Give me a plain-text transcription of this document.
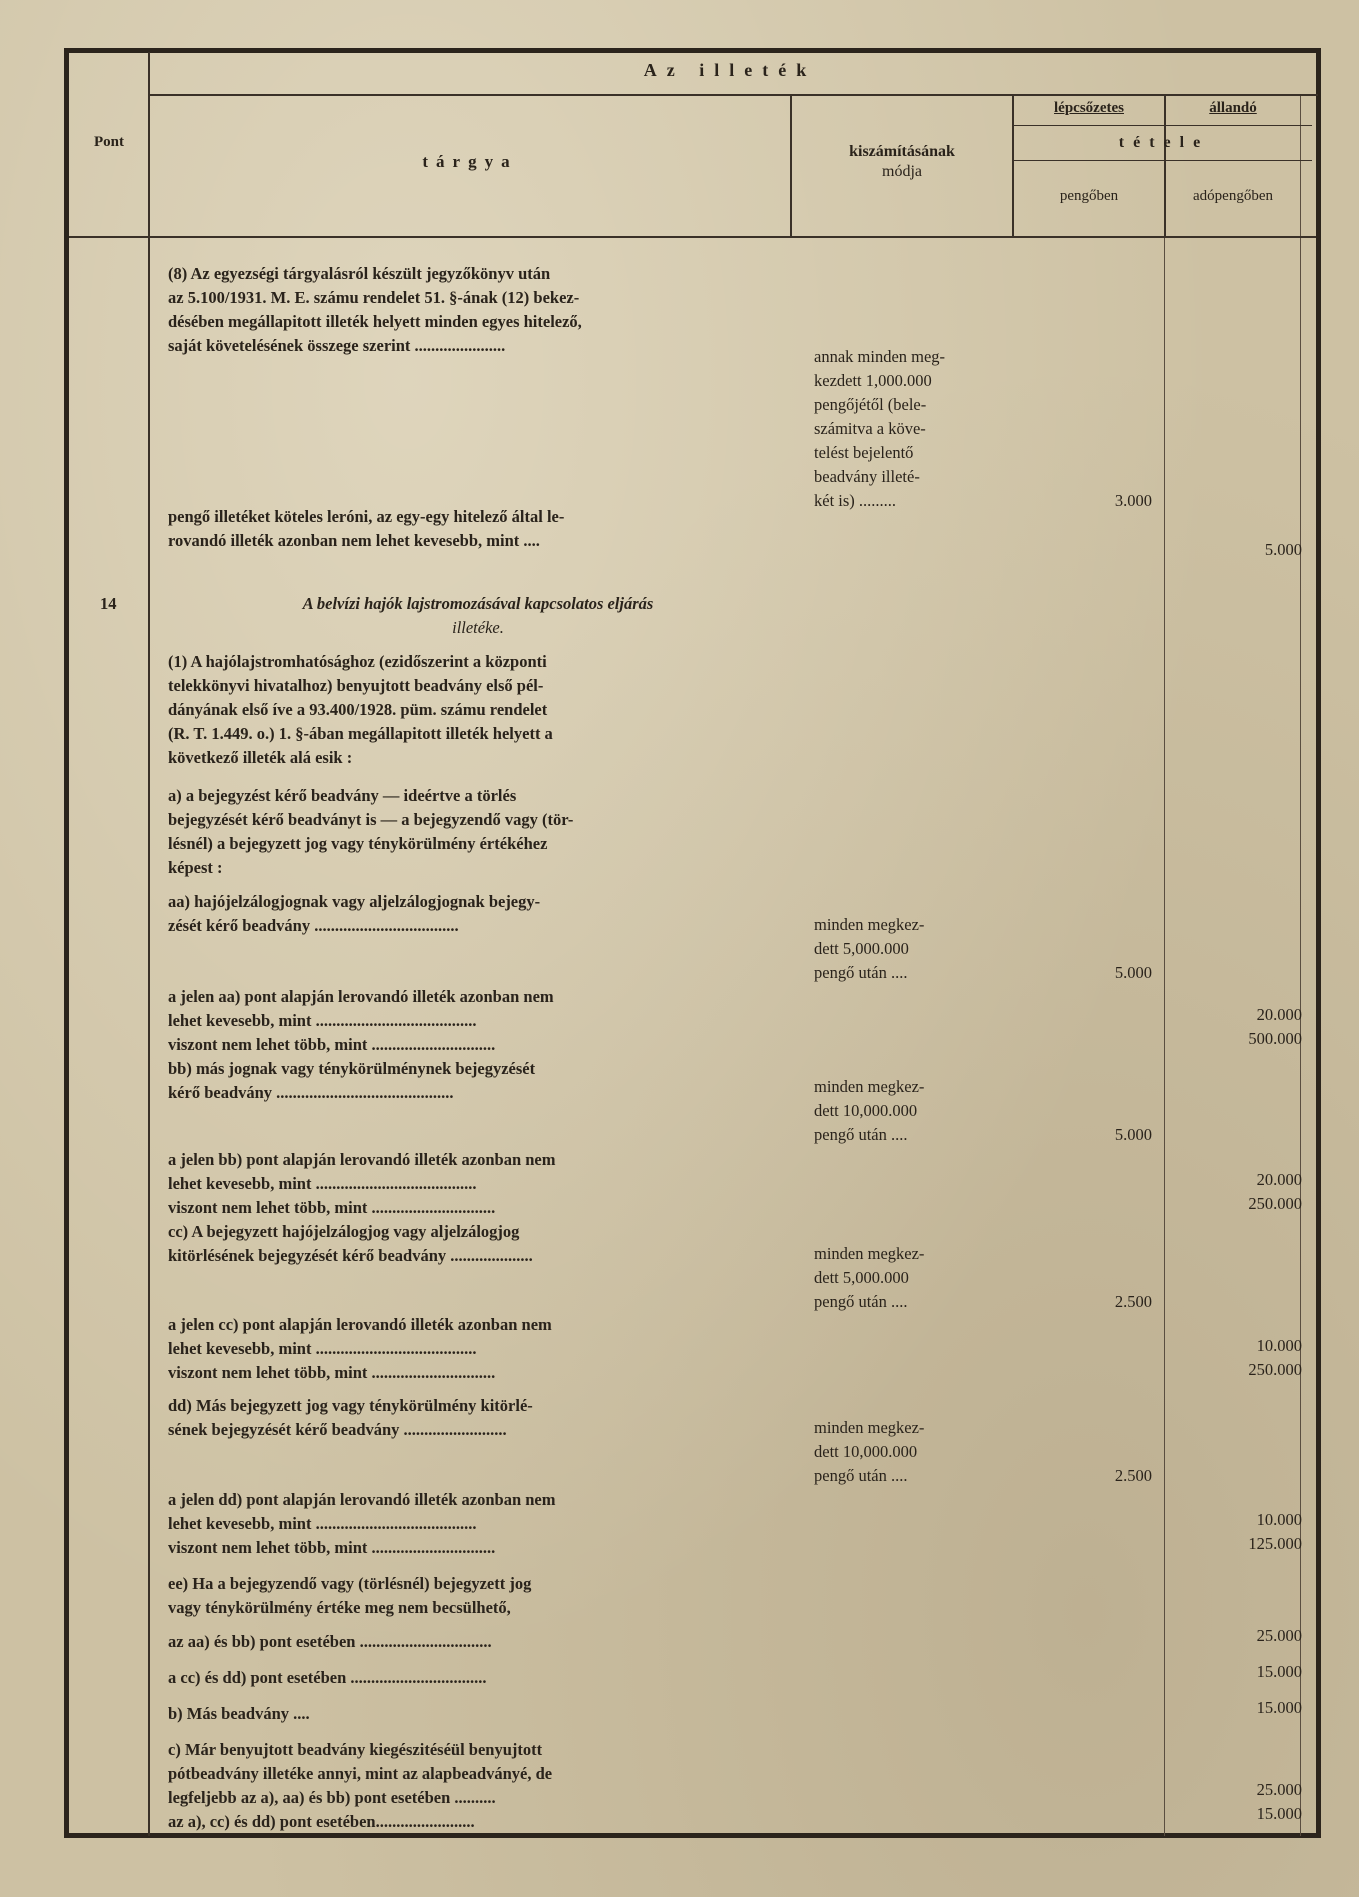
Az illeték
Pont
tárgya
kiszámításának
módja
lépcsőzetes	állandó
tétele
pengőben	adópengőben
(8) Az egyezségi tárgyalásról készült jegyzőkönyv után
az 5.100/1931. M. E. számu rendelet 51. §-ának (12) bekez-
désében megállapitott illeték helyett minden egyes hitelező,
saját követelésének összege szerint ......................
pengő illetéket köteles leróni, az egy-egy hitelező által le-
rovandó illeték azonban nem lehet kevesebb, mint ....
A belvízi hajók lajstromozásával kapcsolatos eljárás
illetéke.
(1) A hajólajstromhatósághoz (ezidőszerint a központi
telekkönyvi hivatalhoz) benyujtott beadvány első pél-
dányának első íve a 93.400/1928. püm. számu rendelet
(R. T. 1.449. o.) 1. §-ában megállapitott illeték helyett a
következő illeték alá esik :
a) a bejegyzést kérő beadvány — ideértve a törlés
bejegyzését kérő beadványt is — a bejegyzendő vagy (tör-
lésnél) a bejegyzett jog vagy ténykörülmény értékéhez
képest :
aa) hajójelzálogjognak vagy aljelzálogjognak bejegy-
zését kérő beadvány ...................................
a jelen aa) pont alapján lerovandó illeték azonban nem
lehet kevesebb, mint .......................................
viszont nem lehet több, mint ..............................
bb) más jognak vagy ténykörülménynek bejegyzését
kérő beadvány ...........................................
a jelen bb) pont alapján lerovandó illeték azonban nem
lehet kevesebb, mint .......................................
viszont nem lehet több, mint ..............................
cc) A bejegyzett hajójelzálogjog vagy aljelzálogjog
kitörlésének bejegyzését kérő beadvány ....................
a jelen cc) pont alapján lerovandó illeték azonban nem
lehet kevesebb, mint .......................................
viszont nem lehet több, mint ..............................
dd) Más bejegyzett jog vagy ténykörülmény kitörlé-
sének bejegyzését kérő beadvány .........................
a jelen dd) pont alapján lerovandó illeték azonban nem
lehet kevesebb, mint .......................................
viszont nem lehet több, mint ..............................
ee) Ha a bejegyzendő vagy (törlésnél) bejegyzett jog
vagy ténykörülmény értéke meg nem becsülhető,
az aa) és bb) pont esetében ................................
a cc) és dd) pont esetében .................................
b) Más beadvány ....
c) Már benyujtott beadvány kiegészitéséül benyujtott
pótbeadvány illetéke annyi, mint az alapbeadványé, de
legfeljebb az a), aa) és bb) pont esetében ..........
az a), cc) és dd) pont esetében........................
annak minden meg-
kezdett 1,000.000
pengőjétől (bele-
számitva a köve-
telést bejelentő
beadvány illeté-
két is) .........
minden megkez-
dett 5,000.000
pengő után ....
minden megkez-
dett 10,000.000
pengő után ....
minden megkez-
dett 5,000.000
pengő után ....
minden megkez-
dett 10,000.000
pengő után ....
3.000
5.000
5.000
2.500
2.500
5.000
20.000
500.000
20.000
250.000
10.000
250.000
10.000
125.000
25.000
15.000
15.000
25.000
15.000
14
